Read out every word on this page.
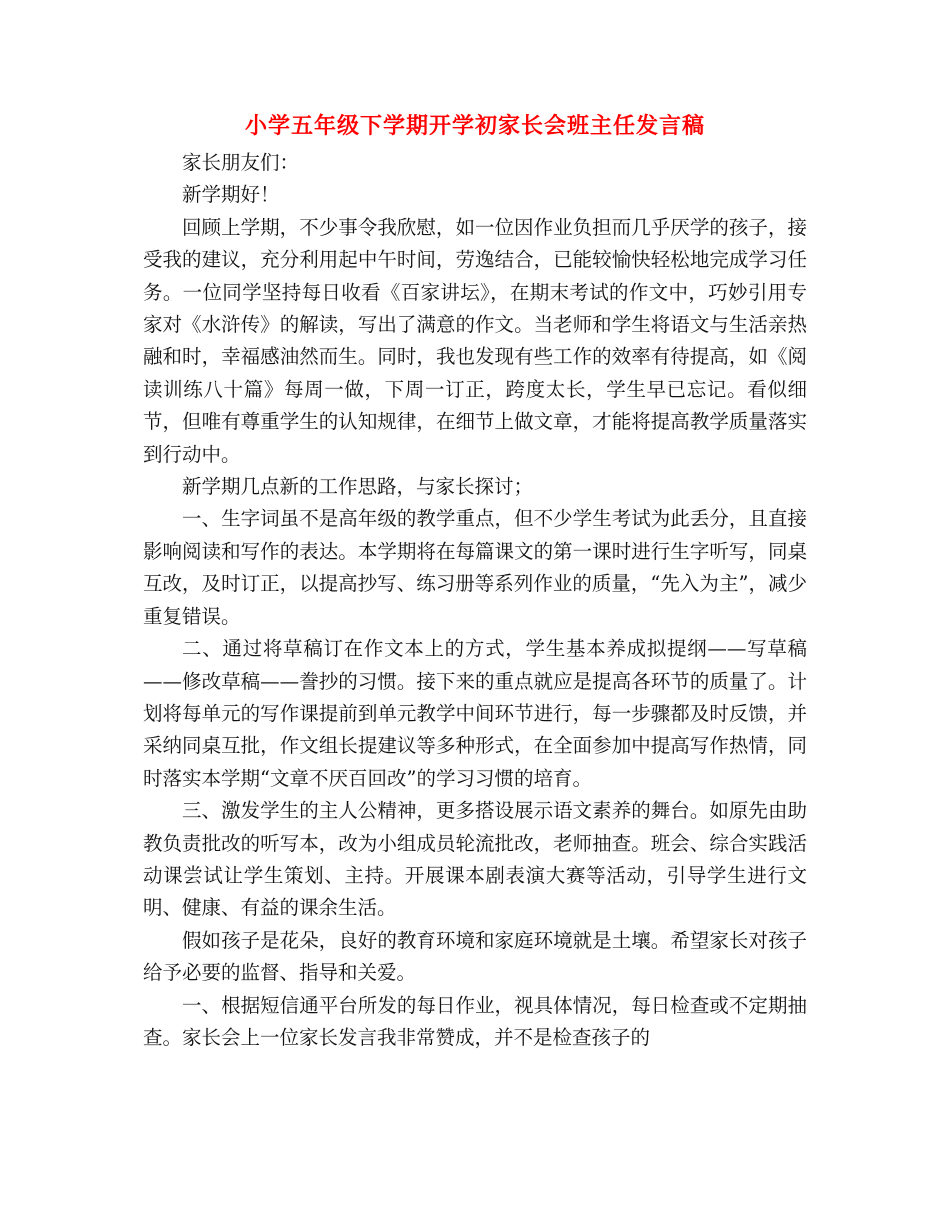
小学五年级下学期开学初家长会班主任发言稿

家长朋友们：

新学期好！

回顾上学期，不少事令我欣慰，如一位因作业负担而几乎厌学的孩子，接受我的建议，充分利用起中午时间，劳逸结合，已能较愉快轻松地完成学习任务。一位同学坚持每日收看《百家讲坛》，在期末考试的作文中，巧妙引用专家对《水浒传》的解读，写出了满意的作文。当老师和学生将语文与生活亲热融和时，幸福感油然而生。同时，我也发现有些工作的效率有待提高，如《阅读训练八十篇》每周一做，下周一订正，跨度太长，学生早已忘记。看似细节，但唯有尊重学生的认知规律，在细节上做文章，才能将提高教学质量落实到行动中。

新学期几点新的工作思路，与家长探讨；

一、生字词虽不是高年级的教学重点，但不少学生考试为此丢分，且直接影响阅读和写作的表达。本学期将在每篇课文的第一课时进行生字听写，同桌互改，及时订正，以提高抄写、练习册等系列作业的质量，“先入为主”，减少重复错误。

二、通过将草稿订在作文本上的方式，学生基本养成拟提纲——写草稿——修改草稿——誊抄的习惯。接下来的重点就应是提高各环节的质量了。计划将每单元的写作课提前到单元教学中间环节进行，每一步骤都及时反馈，并采纳同桌互批，作文组长提建议等多种形式，在全面参加中提高写作热情，同时落实本学期“文章不厌百回改”的学习习惯的培育。

三、激发学生的主人公精神，更多搭设展示语文素养的舞台。如原先由助教负责批改的听写本，改为小组成员轮流批改，老师抽查。班会、综合实践活动课尝试让学生策划、主持。开展课本剧表演大赛等活动，引导学生进行文明、健康、有益的课余生活。

假如孩子是花朵，良好的教育环境和家庭环境就是土壤。希望家长对孩子给予必要的监督、指导和关爱。

一、根据短信通平台所发的每日作业，视具体情况，每日检查或不定期抽查。家长会上一位家长发言我非常赞成，并不是检查孩子的
